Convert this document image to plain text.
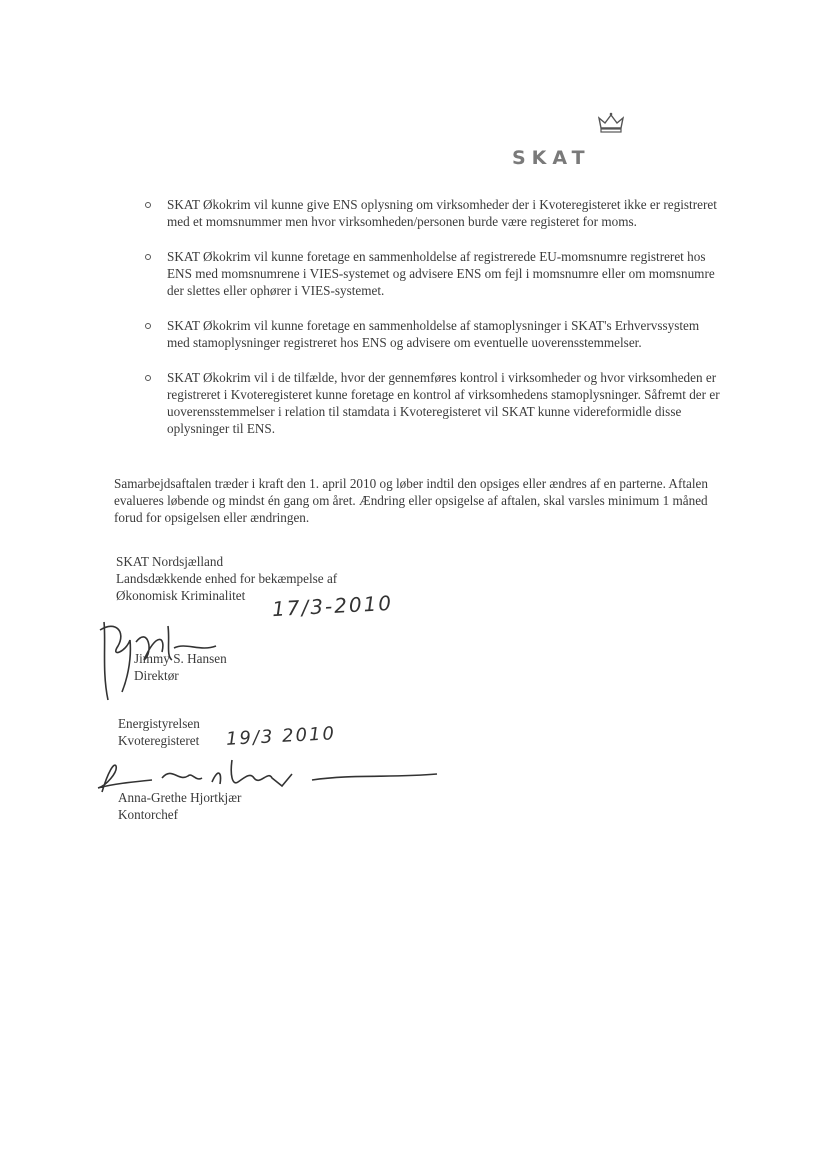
SKAT
SKAT Økokrim vil kunne give ENS oplysning om virksomheder der i Kvoteregisteret ikke er registreret med et momsnummer men hvor virksomheden/personen burde være registeret for moms.
SKAT Økokrim vil kunne foretage en sammenholdelse af registrerede EU-momsnumre registreret hos ENS med momsnumrene i VIES-systemet og advisere ENS om fejl i momsnumre eller om momsnumre der slettes eller ophører i VIES-systemet.
SKAT Økokrim vil kunne foretage en sammenholdelse af stamoplysninger i SKAT's Erhvervssystem med stamoplysninger registreret hos ENS og advisere om eventuelle uoverensstemmelser.
SKAT Økokrim vil i de tilfælde, hvor der gennemføres kontrol i virksomheder og hvor virksomheden er registreret i Kvoteregisteret kunne foretage en kontrol af virksomhedens stamoplysninger. Såfremt der er uoverensstemmelser i relation til stamdata i Kvoteregisteret vil SKAT kunne videreformidle disse oplysninger til ENS.

Samarbejdsaftalen træder i kraft den 1. april 2010 og løber indtil den opsiges eller ændres af en parterne. Aftalen evalueres løbende og mindst én gang om året. Ændring eller opsigelse af aftalen, skal varsles minimum 1 måned forud for opsigelsen eller ændringen.

SKAT Nordsjælland
Landsdækkende enhed for bekæmpelse af
Økonomisk Kriminalitet	17/3-2010
Jimmy S. Hansen
Direktør
Energistyrelsen
Kvoteregisteret 19/3 2010
Anna-Grethe Hjortkjær
Kontorchef
